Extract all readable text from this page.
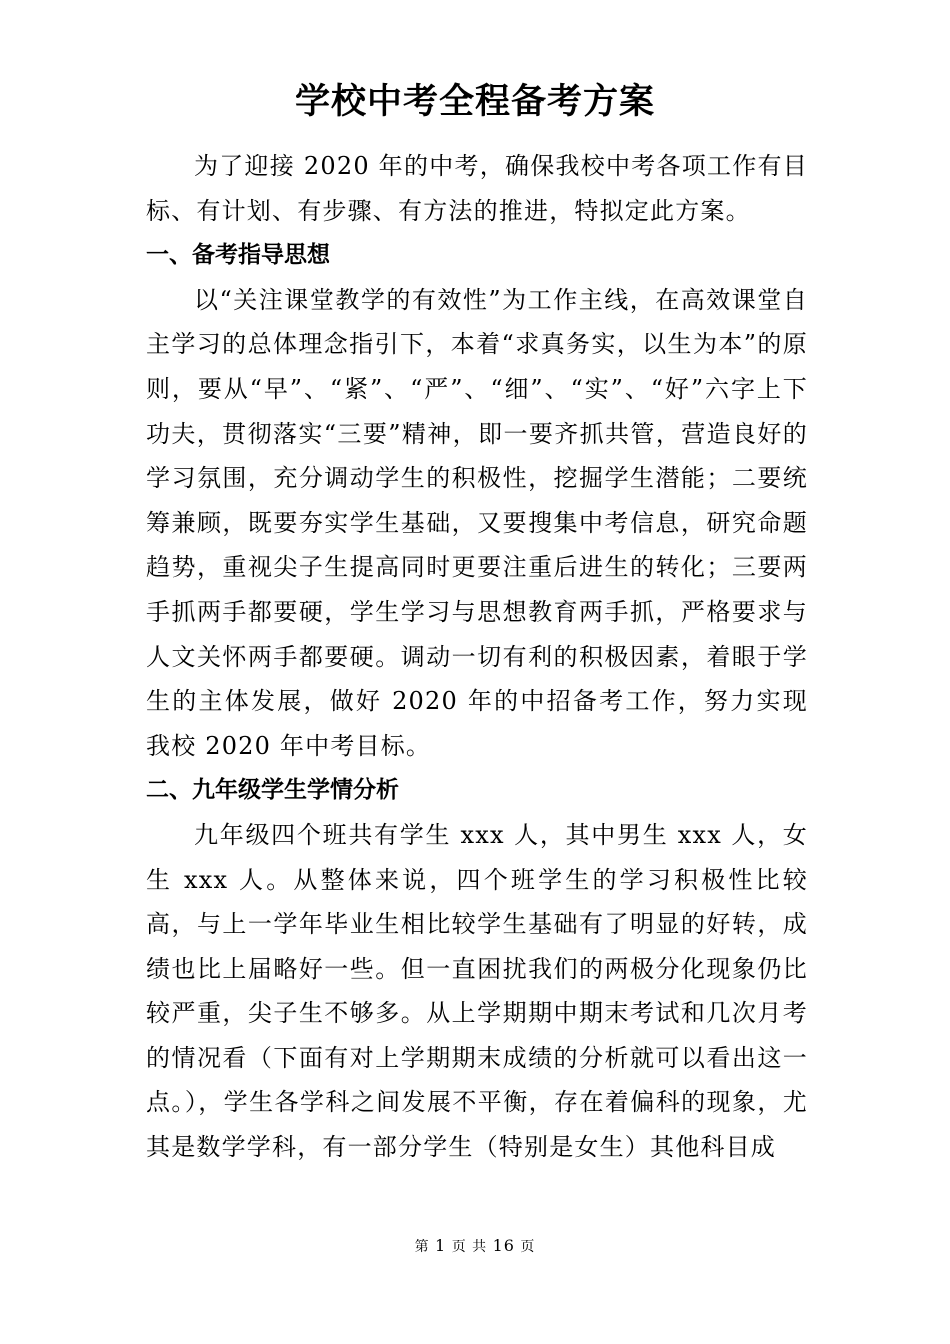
学校中考全程备考方案

为了迎接 2020 年的中考，确保我校中考各项工作有目标、有计划、有步骤、有方法的推进，特拟定此方案。

一、备考指导思想

以“关注课堂教学的有效性”为工作主线，在高效课堂自主学习的总体理念指引下，本着“求真务实，以生为本”的原则，要从“早”、“紧”、“严”、“细”、“实”、“好”六字上下功夫，贯彻落实“三要”精神，即一要齐抓共管，营造良好的学习氛围，充分调动学生的积极性，挖掘学生潜能；二要统筹兼顾，既要夯实学生基础，又要搜集中考信息，研究命题趋势，重视尖子生提高同时更要注重后进生的转化；三要两手抓两手都要硬，学生学习与思想教育两手抓，严格要求与人文关怀两手都要硬。调动一切有利的积极因素，着眼于学生的主体发展，做好 2020 年的中招备考工作，努力实现我校 2020 年中考目标。

二、九年级学生学情分析

九年级四个班共有学生 xxx 人，其中男生 xxx 人，女生 xxx 人。从整体来说，四个班学生的学习积极性比较高，与上一学年毕业生相比较学生基础有了明显的好转，成绩也比上届略好一些。但一直困扰我们的两极分化现象仍比较严重，尖子生不够多。从上学期期中期末考试和几次月考的情况看（下面有对上学期期末成绩的分析就可以看出这一点。），学生各学科之间发展不平衡，存在着偏科的现象，尤其是数学学科，有一部分学生（特别是女生）其他科目成

第 1 页 共 16 页
